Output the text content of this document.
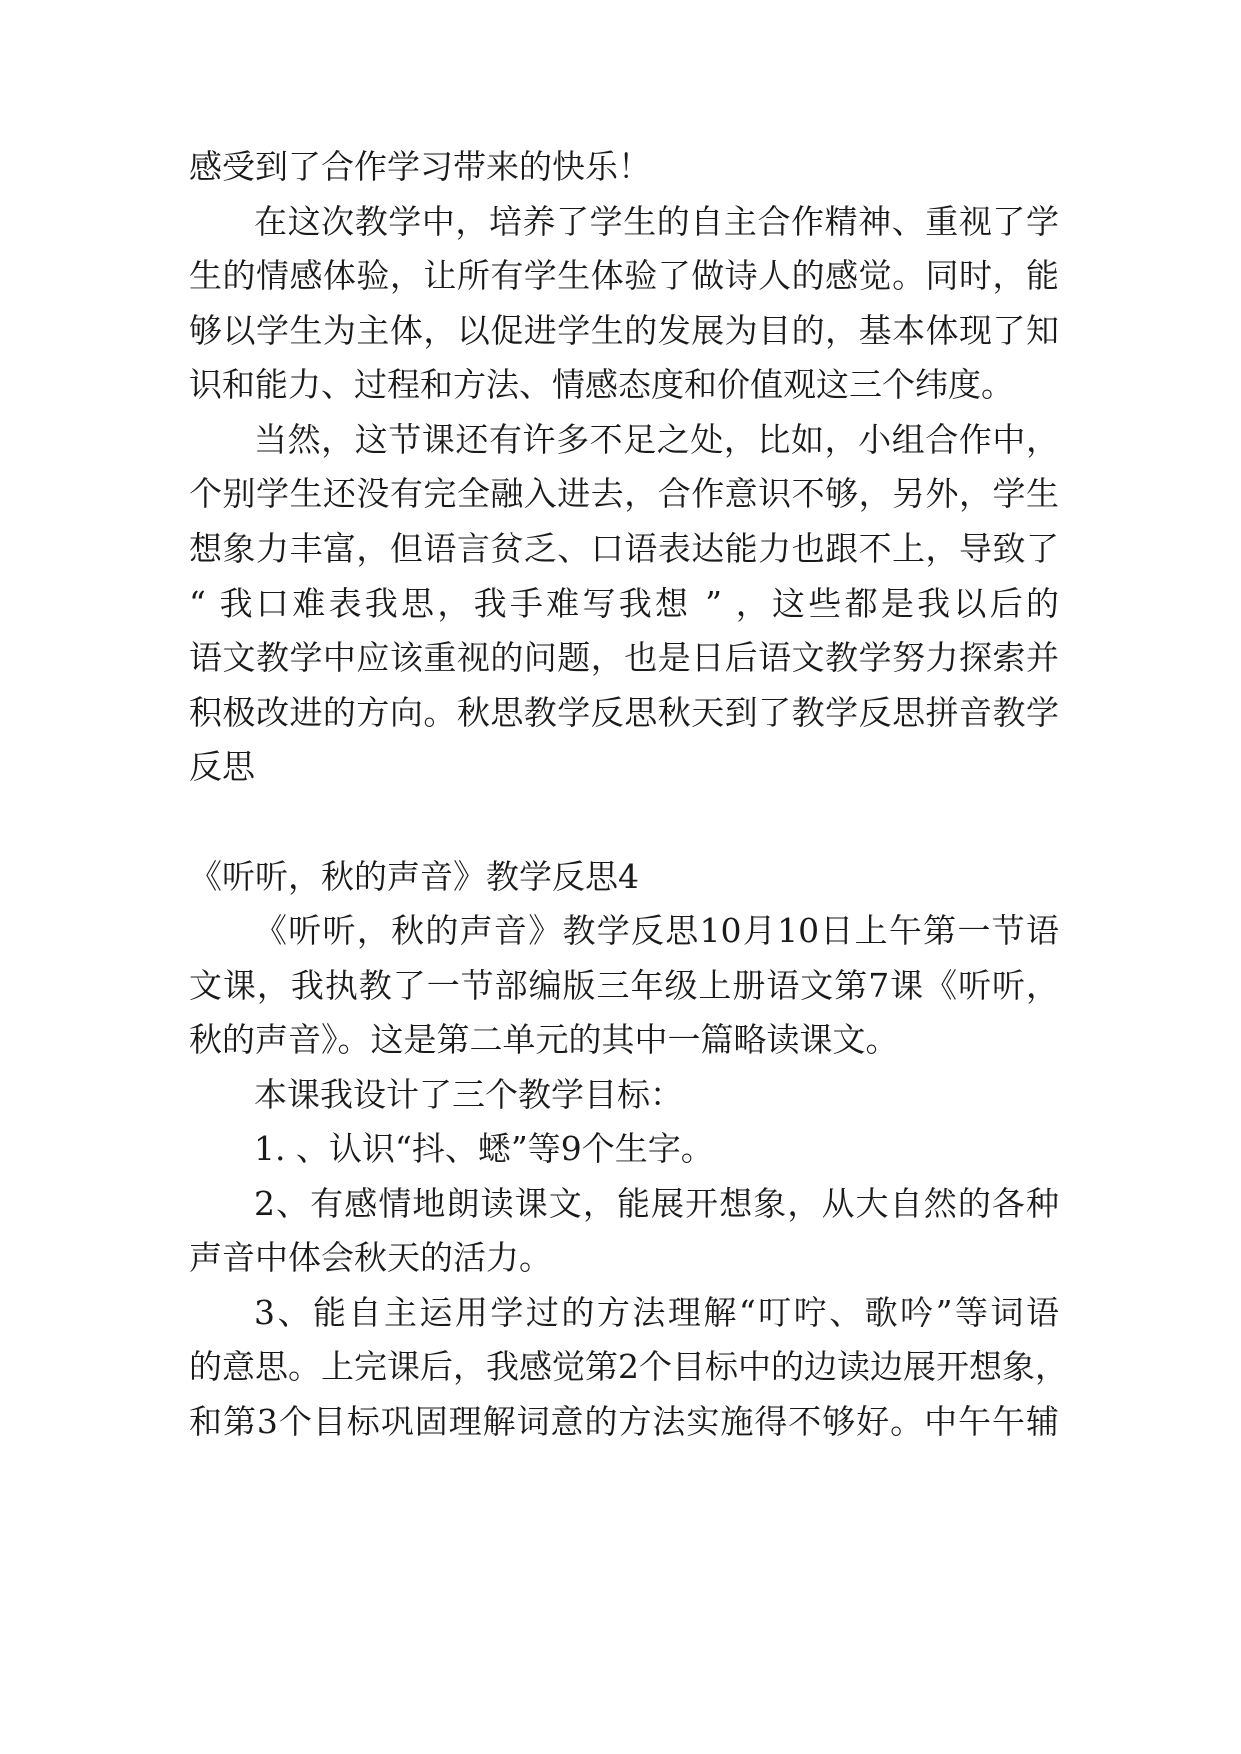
感受到了合作学习带来的快乐！
在这次教学中，培养了学生的自主合作精神、重视了学
生的情感体验，让所有学生体验了做诗人的感觉。同时，能
够以学生为主体，以促进学生的发展为目的，基本体现了知
识和能力、过程和方法、情感态度和价值观这三个纬度。
当然，这节课还有许多不足之处，比如，小组合作中，
个别学生还没有完全融入进去，合作意识不够，另外，学生
想象力丰富，但语言贫乏、口语表达能力也跟不上，导致了
“ 我口难表我思，我手难写我想 ” ，这些都是我以后的
语文教学中应该重视的问题，也是日后语文教学努力探索并
积极改进的方向。秋思教学反思秋天到了教学反思拼音教学
反思
《听听，秋的声音》教学反思4
《听听，秋的声音》教学反思10月10日上午第一节语
文课，我执教了一节部编版三年级上册语文第7课《听听，
秋的声音》。这是第二单元的其中一篇略读课文。
本课我设计了三个教学目标：
1. 、认识“抖、蟋”等9个生字。
2、有感情地朗读课文，能展开想象，从大自然的各种
声音中体会秋天的活力。
3、能自主运用学过的方法理解“叮咛、歌吟”等词语
的意思。上完课后，我感觉第2个目标中的边读边展开想象，
和第3个目标巩固理解词意的方法实施得不够好。中午午辅
